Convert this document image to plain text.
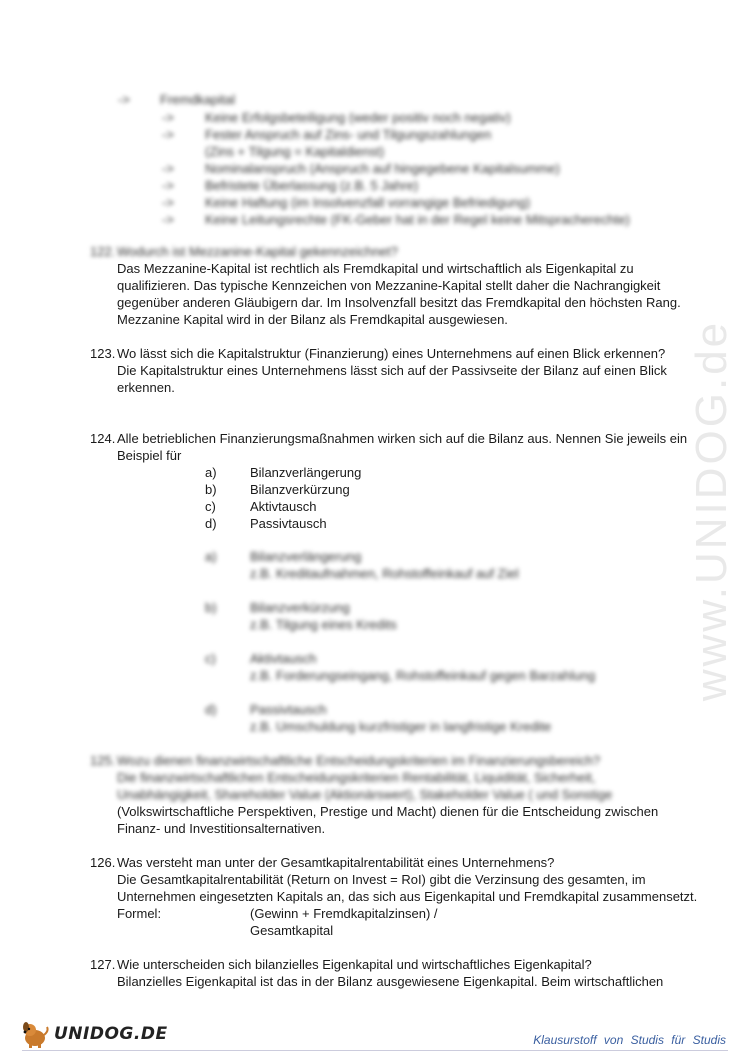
www.UNIDOG.de
-> Fremdkapital
-> Keine Erfolgsbeteiligung (weder positiv noch negativ)
-> Fester Anspruch auf Zins- und Tilgungszahlungen
(Zins + Tilgung = Kapitaldienst)
-> Nominalanspruch (Anspruch auf hingegebene Kapitalsumme)
-> Befristete Überlassung (z.B. 5 Jahre)
-> Keine Haftung (im Insolvenzfall vorrangige Befriedigung)
-> Keine Leitungsrechte (FK-Geber hat in der Regel keine Mitspracherechte)
122. Wodurch ist Mezzanine-Kapital gekennzeichnet?
Das Mezzanine-Kapital ist rechtlich als Fremdkapital und wirtschaftlich als Eigenkapital zu
qualifizieren. Das typische Kennzeichen von Mezzanine-Kapital stellt daher die Nachrangigkeit
gegenüber anderen Gläubigern dar. Im Insolvenzfall besitzt das Fremdkapital den höchsten Rang.
Mezzanine Kapital wird in der Bilanz als Fremdkapital ausgewiesen.
123. Wo lässt sich die Kapitalstruktur (Finanzierung) eines Unternehmens auf einen Blick erkennen?
Die Kapitalstruktur eines Unternehmens lässt sich auf der Passivseite der Bilanz auf einen Blick
erkennen.
124. Alle betrieblichen Finanzierungsmaßnahmen wirken sich auf die Bilanz aus. Nennen Sie jeweils ein
Beispiel für
a)	Bilanzverlängerung
b)	Bilanzverkürzung
c)	Aktivtausch
d)	Passivtausch
a)	Bilanzverlängerung
z.B. Kreditaufnahmen, Rohstoffeinkauf auf Ziel
b)	Bilanzverkürzung
z.B. Tilgung eines Kredits
c)	Aktivtausch
z.B. Forderungseingang, Rohstoffeinkauf gegen Barzahlung
d)	Passivtausch
z.B. Umschuldung kurzfristiger in langfristige Kredite
125. Wozu dienen finanzwirtschaftliche Entscheidungskriterien im Finanzierungsbereich?
Die finanzwirtschaftlichen Entscheidungskriterien Rentabilität, Liquidität, Sicherheit,
Unabhängigkeit, Shareholder Value (Aktionärswert), Stakeholder Value ( und Sonstige
(Volkswirtschaftliche Perspektiven, Prestige und Macht) dienen für die Entscheidung zwischen
Finanz- und Investitionsalternativen.
126. Was versteht man unter der Gesamtkapitalrentabilität eines Unternehmens?
Die Gesamtkapitalrentabilität (Return on Invest = RoI) gibt die Verzinsung des gesamten, im
Unternehmen eingesetzten Kapitals an, das sich aus Eigenkapital und Fremdkapital zusammensetzt.
Formel:	(Gewinn + Fremdkapitalzinsen) /
Gesamtkapital
127. Wie unterscheiden sich bilanzielles Eigenkapital und wirtschaftliches Eigenkapital?
Bilanzielles Eigenkapital ist das in der Bilanz ausgewiesene Eigenkapital. Beim wirtschaftlichen
UNIDOG.DE	Klausurstoff von Studis für Studis
